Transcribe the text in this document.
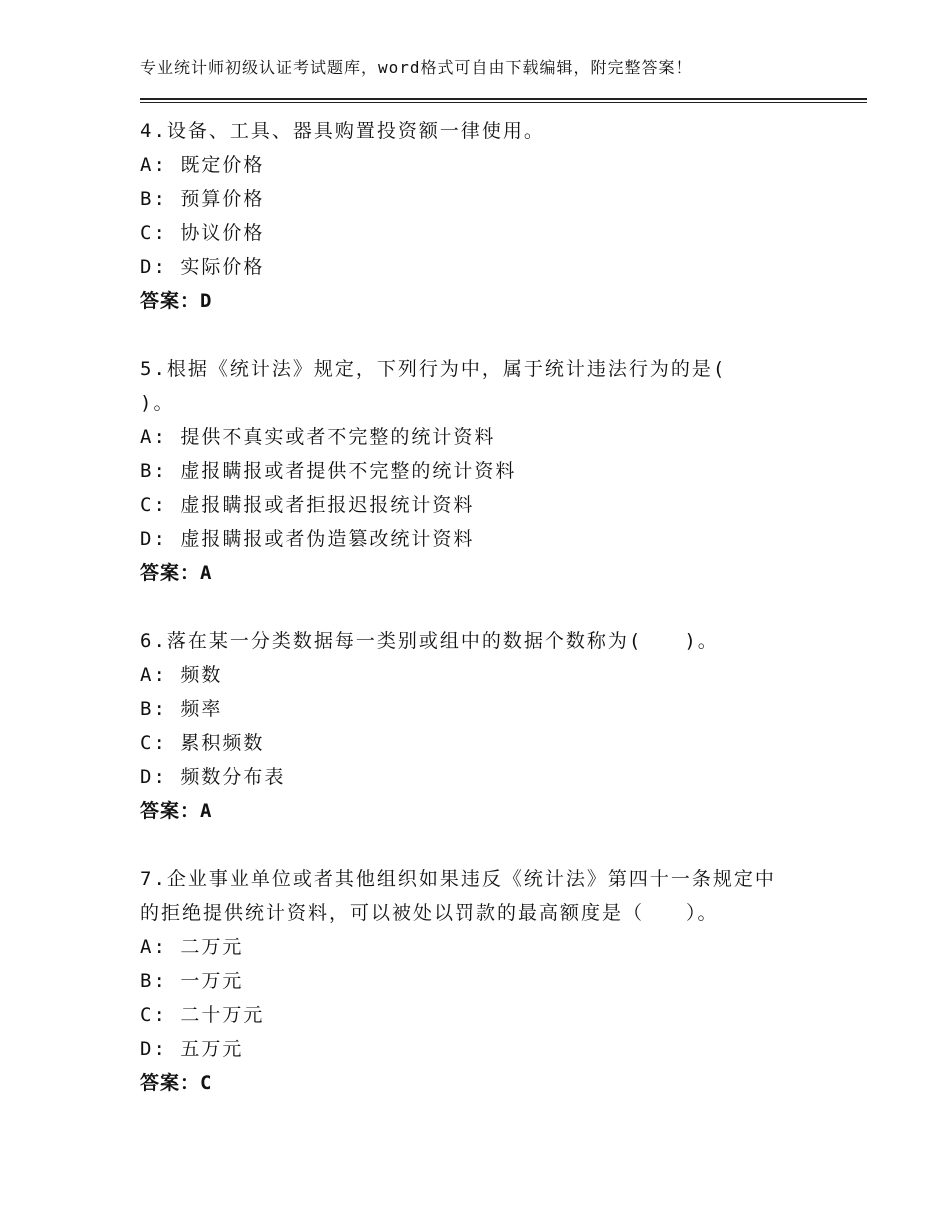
专业统计师初级认证考试题库，word格式可自由下载编辑，附完整答案！
4.设备、工具、器具购置投资额一律使用。
A: 既定价格
B: 预算价格
C: 协议价格
D: 实际价格
答案：D
5.根据《统计法》规定，下列行为中，属于统计违法行为的是(
)。
A: 提供不真实或者不完整的统计资料
B: 虚报瞒报或者提供不完整的统计资料
C: 虚报瞒报或者拒报迟报统计资料
D: 虚报瞒报或者伪造篡改统计资料
答案：A
6.落在某一分类数据每一类别或组中的数据个数称为(　　)。
A: 频数
B: 频率
C: 累积频数
D: 频数分布表
答案：A
7.企业事业单位或者其他组织如果违反《统计法》第四十一条规定中
的拒绝提供统计资料，可以被处以罚款的最高额度是（　　）。
A: 二万元
B: 一万元
C: 二十万元
D: 五万元
答案：C
